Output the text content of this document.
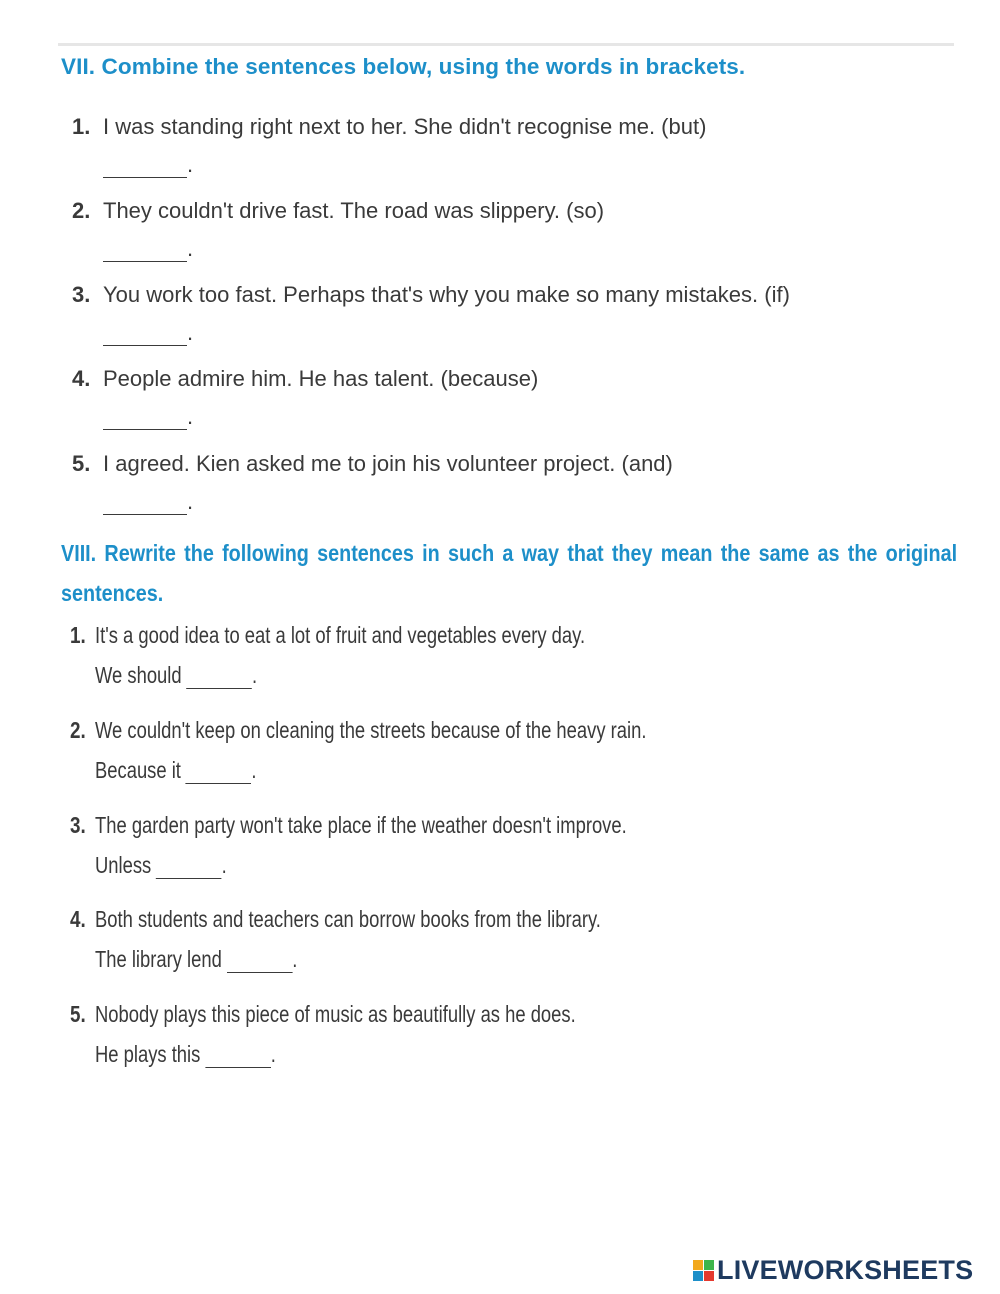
VII. Combine the sentences below, using the words in brackets.
1. I was standing right next to her. She didn't recognise me. (but)
.
2. They couldn't drive fast. The road was slippery. (so)
.
3. You work too fast. Perhaps that's why you make so many mistakes. (if)
.
4. People admire him. He has talent. (because)
.
5. I agreed. Kien asked me to join his volunteer project. (and)
.
VIII. Rewrite the following sentences in such a way that they mean the same as the original sentences.
1. It's a good idea to eat a lot of fruit and vegetables every day.
We should	.
2. We couldn't keep on cleaning the streets because of the heavy rain.
Because it	.
3. The garden party won't take place if the weather doesn't improve.
Unless	.
4. Both students and teachers can borrow books from the library.
The library lend	.
5. Nobody plays this piece of music as beautifully as he does.
He plays this	.
LIVEWORKSHEETS
